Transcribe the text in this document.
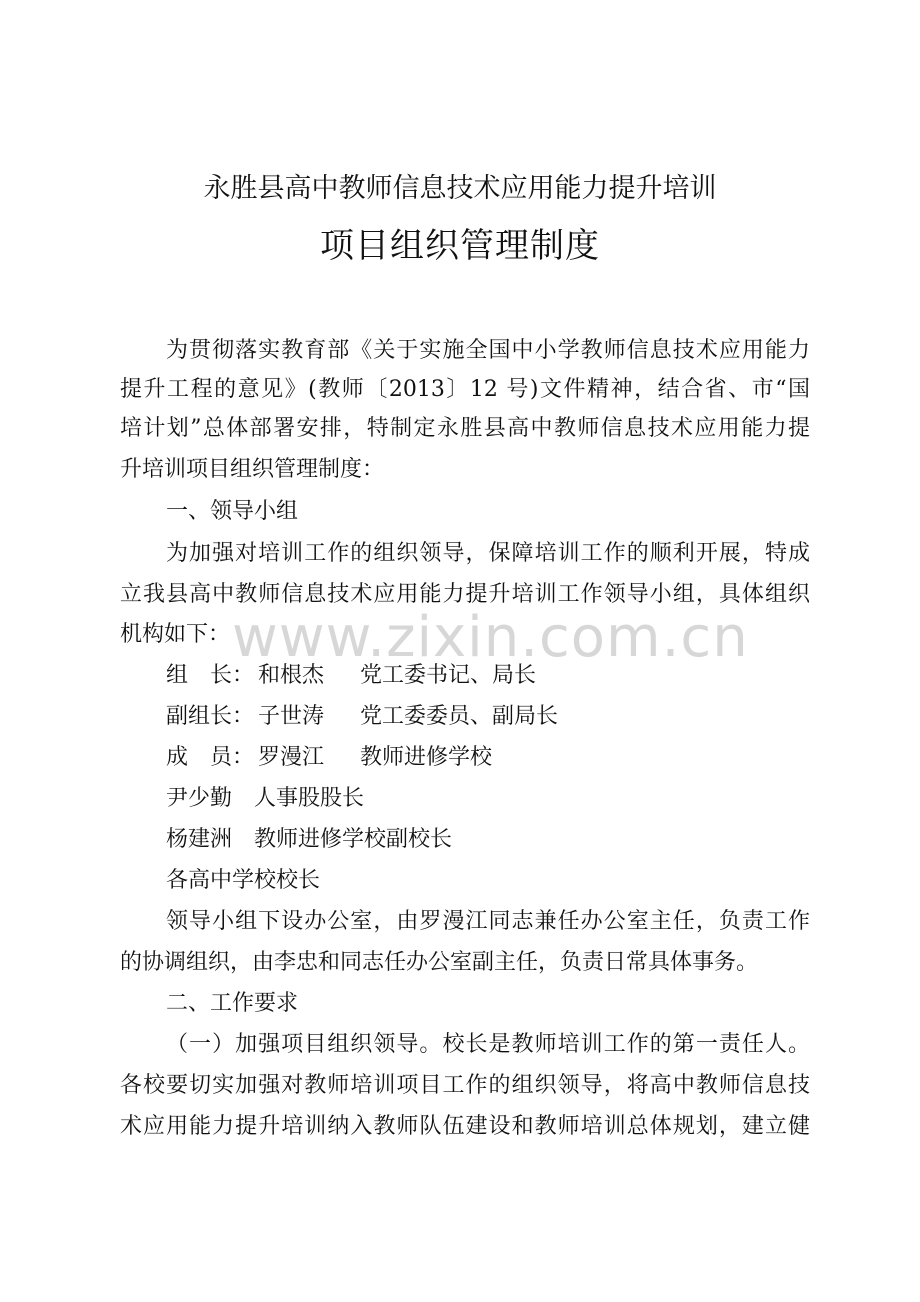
永胜县高中教师信息技术应用能力提升培训
项目组织管理制度
为贯彻落实教育部《关于实施全国中小学教师信息技术应用能力
提升工程的意见》(教师〔2013〕12 号)文件精神，结合省、市“国
培计划”总体部署安排，特制定永胜县高中教师信息技术应用能力提
升培训项目组织管理制度：
一、领导小组
为加强对培训工作的组织领导，保障培训工作的顺利开展，特成
立我县高中教师信息技术应用能力提升培训工作领导小组，具体组织
机构如下：
组　长： 和根杰 党工委书记、局长
副组长： 子世涛 党工委委员、副局长
成　员： 罗漫江 教师进修学校
尹少勤　人事股股长
杨建洲　教师进修学校副校长
各高中学校校长
领导小组下设办公室，由罗漫江同志兼任办公室主任，负责工作
的协调组织，由李忠和同志任办公室副主任，负责日常具体事务。
二、工作要求
（一）加强项目组织领导。校长是教师培训工作的第一责任人。
各校要切实加强对教师培训项目工作的组织领导，将高中教师信息技
术应用能力提升培训纳入教师队伍建设和教师培训总体规划，建立健
www.zixin.com.cn
